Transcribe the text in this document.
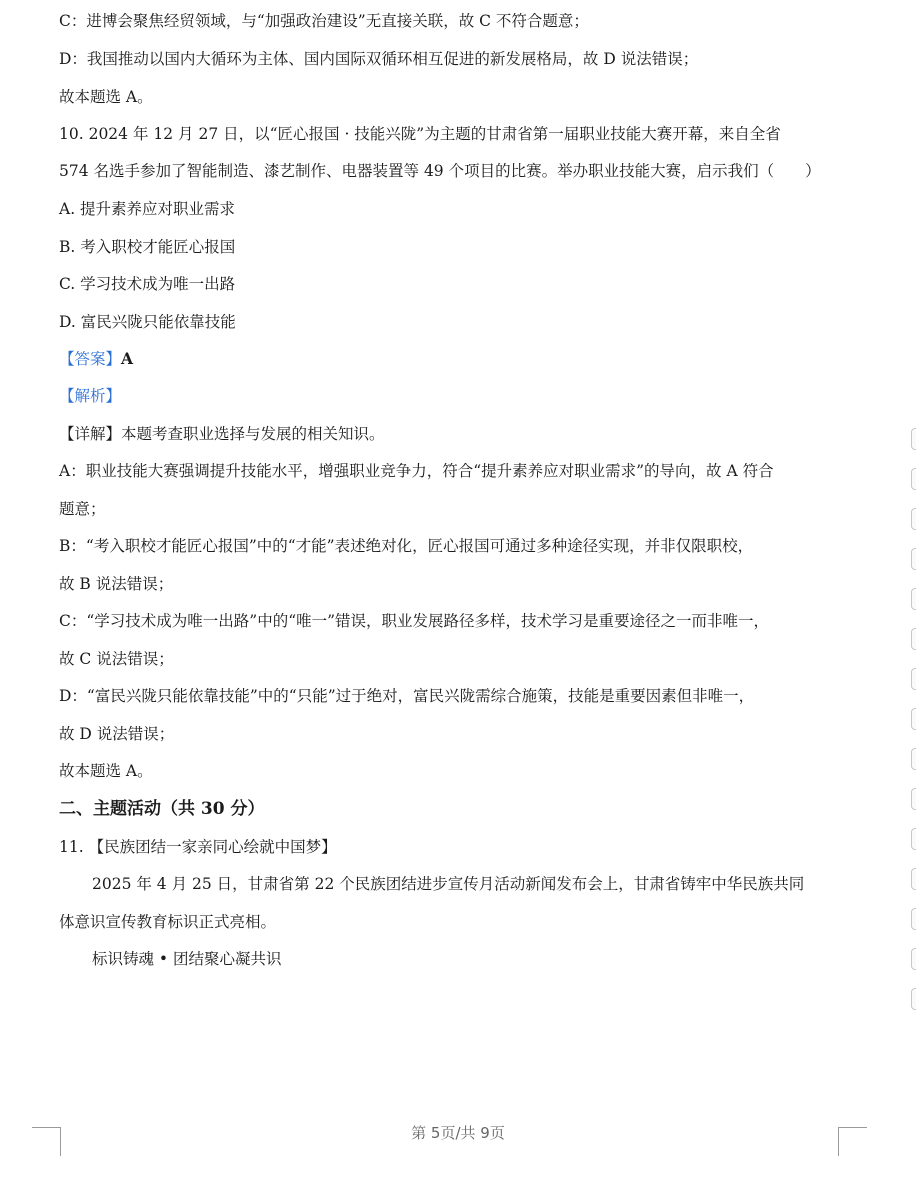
C：进博会聚焦经贸领域，与“加强政治建设”无直接关联，故 C 不符合题意；
D：我国推动以国内大循环为主体、国内国际双循环相互促进的新发展格局，故 D 说法错误；
故本题选 A。
10. 2024 年 12 月 27 日，以“匠心报国 · 技能兴陇”为主题的甘肃省第一届职业技能大赛开幕，来自全省
574 名选手参加了智能制造、漆艺制作、电器装置等 49 个项目的比赛。举办职业技能大赛，启示我们（　　）
A. 提升素养应对职业需求
B. 考入职校才能匠心报国
C. 学习技术成为唯一出路
D. 富民兴陇只能依靠技能
【答案】A
【解析】
【详解】本题考查职业选择与发展的相关知识。
A：职业技能大赛强调提升技能水平，增强职业竞争力，符合“提升素养应对职业需求”的导向，故 A 符合
题意；
B：“考入职校才能匠心报国”中的“才能”表述绝对化，匠心报国可通过多种途径实现，并非仅限职校，
故 B 说法错误；
C：“学习技术成为唯一出路”中的“唯一”错误，职业发展路径多样，技术学习是重要途径之一而非唯一，
故 C 说法错误；
D：“富民兴陇只能依靠技能”中的“只能”过于绝对，富民兴陇需综合施策，技能是重要因素但非唯一，
故 D 说法错误；
故本题选 A。
二、主题活动（共 30 分）
11. 【民族团结一家亲同心绘就中国梦】
2025 年 4 月 25 日，甘肃省第 22 个民族团结进步宣传月活动新闻发布会上，甘肃省铸牢中华民族共同
体意识宣传教育标识正式亮相。
标识铸魂 • 团结聚心凝共识
第 5页/共 9页
